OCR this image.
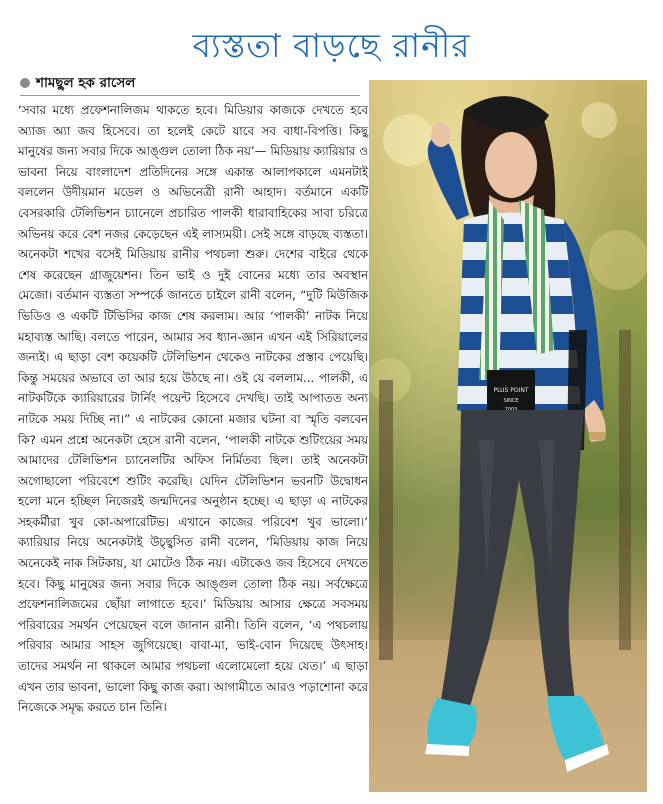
ব্যস্ততা বাড়ছে রানীর
শামছুল হক রাসেল
‘সবার মধ্যে প্রফেশনালিজম থাকতে হবে। মিডিয়ার কাজকে দেখতে হবে অ্যাজ অ্যা জব হিসেবে। তা হলেই কেটে যাবে সব বাধা-বিপত্তি। কিছু মানুষের জন্য সবার দিকে আঙ্গুল তোলা ঠিক নয়’— মিডিয়ায় ক্যারিয়ার ও ভাবনা নিয়ে বাংলাদেশ প্রতিদিনের সঙ্গে একান্ত আলাপকালে এমনটাই বললেন উদীয়মান মডেল ও অভিনেত্রী রানী আহাদ। বর্তমানে একটি বেসরকারি টেলিভিশন চ্যানেলে প্রচারিত পালকী ধারাবাহিকের সাবা চরিত্রে অভিনয় করে বেশ নজর কেড়েছেন এই লাস্যময়ী। সেই সঙ্গে বাড়ছে ব্যস্ততা। অনেকটা শখের বসেই মিডিয়ায় রানীর পথচলা শুরু। দেশের বাইরে থেকে শেষ করেছেন গ্রাজুয়েশন। তিন ভাই ও দুই বোনের মধ্যে তার অবস্থান মেজো। বর্তমান ব্যস্ততা সম্পর্কে জানতে চাইলে রানী বলেন, “দুটি মিউজিক ভিডিও ও একটি টিভিসির কাজ শেষ করলাম। আর ‘পালকী’ নাটক নিয়ে মহাব্যস্ত আছি। বলতে পারেন, আমার সব ধ্যান-জ্ঞান এখন এই সিরিয়ালের জন্যই। এ ছাড়া বেশ কয়েকটি টেলিভিশন থেকেও নাটকের প্রস্তাব পেয়েছি। কিন্তু সময়ের অভাবে তা আর হয়ে উঠছে না। ওই যে বললাম... পালকী, এ নাটকটিকে ক্যারিয়ারের টার্নিং পয়েন্ট হিসেবে দেখছি। তাই আপাতত অন্য নাটকে সময় দিচ্ছি না।” এ নাটকের কোনো মজার ঘটনা বা স্মৃতি বলবেন কি? এমন প্রশ্নে অনেকটা হেসে রানী বলেন, ‘পালকী নাটকে শুটিংয়ের সময় আমাদের টেলিভিশন চ্যানেলটির অফিস নির্মিতব্য ছিল। তাই অনেকটা অগোছালো পরিবেশে শুটিং করেছি। যেদিন টেলিভিশন ভবনটি উদ্বোধন হলো মনে হচ্ছিল নিজেরই জন্মদিনের অনুষ্ঠান হচ্ছে। এ ছাড়া এ নাটকের সহকর্মীরা খুব কো-অপারেটিভ। এখানে কাজের পরিবেশ খুব ভালো।’ ক্যারিয়ার নিয়ে অনেকটাই উচ্ছ্বসিত রানী বলেন, ‘মিডিয়ায় কাজ নিয়ে অনেকেই নাক সিটকায়, যা মোটেও ঠিক নয়। এটাকেও জব হিসেবে দেখতে হবে। কিছু মানুষের জন্য সবার দিকে আঙ্গুল তোলা ঠিক নয়। সর্বক্ষেত্রে প্রফেশনালিজমের ছোঁয়া লাগাতে হবে।’ মিডিয়ায় আসার ক্ষেত্রে সবসময় পরিবারের সমর্থন পেয়েছেন বলে জানান রানী। তিনি বলেন, ‘এ পথচলায় পরিবার আমার সাহস জুগিয়েছে। বাবা-মা, ভাই-বোন দিয়েছে উৎসাহ। তাদের সমর্থন না থাকলে আমার পথচলা এলোমেলো হয়ে যেত।’ এ ছাড়া এখন তার ভাবনা, ভালো কিছু কাজ করা। আগামীতে আরও পড়াশোনা করে নিজেকে সমৃদ্ধ করতে চান তিনি।
PLUS POINT
SINCE
